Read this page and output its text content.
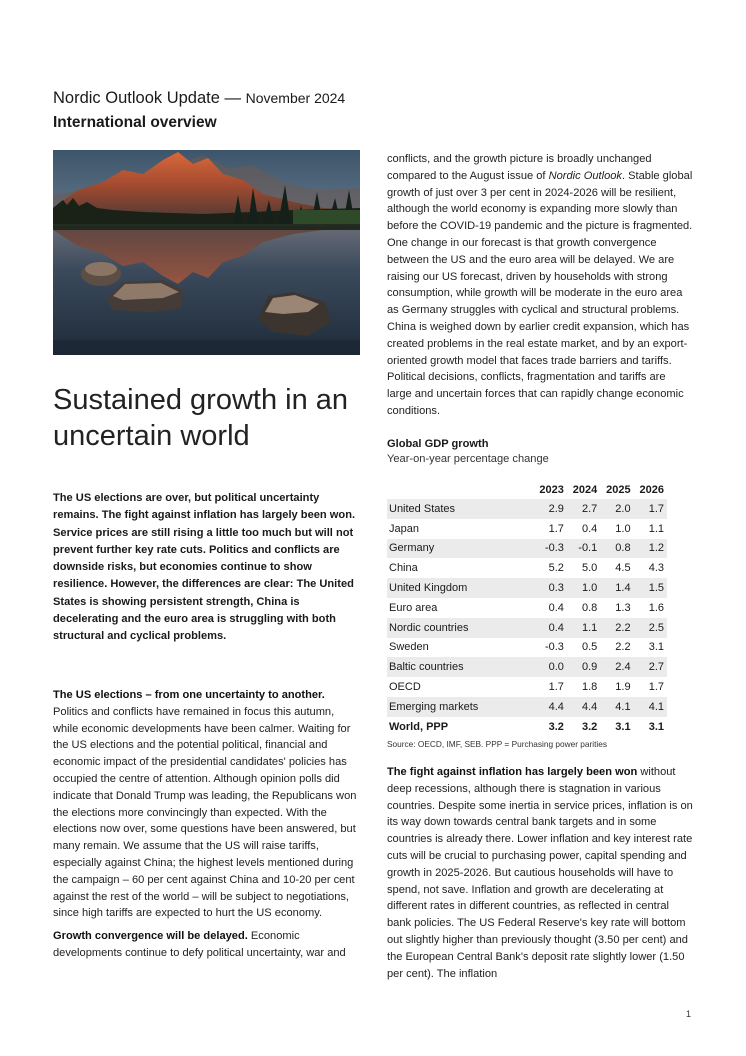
Nordic Outlook Update — November 2024
International overview
Sustained growth in an uncertain world

The US elections are over, but political uncertainty remains. The fight against inflation has largely been won. Service prices are still rising a little too much but will not prevent further key rate cuts. Politics and conflicts are downside risks, but economies continue to show resilience. However, the differences are clear: The United States is showing persistent strength, China is decelerating and the euro area is struggling with both structural and cyclical problems.

The US elections – from one uncertainty to another.
Politics and conflicts have remained in focus this autumn, while economic developments have been calmer. Waiting for the US elections and the potential political, financial and economic impact of the presidential candidates' policies has occupied the centre of attention. Although opinion polls did indicate that Donald Trump was leading, the Republicans won the elections more convincingly than expected. With the elections now over, some questions have been answered, but many remain. We assume that the US will raise tariffs, especially against China; the highest levels mentioned during the campaign – 60 per cent against China and 10-20 per cent against the rest of the world – will be subject to negotiations, since high tariffs are expected to hurt the US economy.

Growth convergence will be delayed. Economic developments continue to defy political uncertainty, war and

conflicts, and the growth picture is broadly unchanged compared to the August issue of Nordic Outlook. Stable global growth of just over 3 per cent in 2024-2026 will be resilient, although the world economy is expanding more slowly than before the COVID-19 pandemic and the picture is fragmented. One change in our forecast is that growth convergence between the US and the euro area will be delayed. We are raising our US forecast, driven by households with strong consumption, while growth will be moderate in the euro area as Germany struggles with cyclical and structural problems. China is weighed down by earlier credit expansion, which has created problems in the real estate market, and by an export-oriented growth model that faces trade barriers and tariffs. Political decisions, conflicts, fragmentation and tariffs are large and uncertain forces that can rapidly change economic conditions.

Global GDP growth
Year-on-year percentage change
	2023	2024	2025	2026
United States	2.9	2.7	2.0	1.7
Japan	1.7	0.4	1.0	1.1
Germany	-0.3	-0.1	0.8	1.2
China	5.2	5.0	4.5	4.3
United Kingdom	0.3	1.0	1.4	1.5
Euro area	0.4	0.8	1.3	1.6
Nordic countries	0.4	1.1	2.2	2.5
Sweden	-0.3	0.5	2.2	3.1
Baltic countries	0.0	0.9	2.4	2.7
OECD	1.7	1.8	1.9	1.7
Emerging markets	4.4	4.4	4.1	4.1
World, PPP	3.2	3.2	3.1	3.1
Source: OECD, IMF, SEB. PPP = Purchasing power parities

The fight against inflation has largely been won without deep recessions, although there is stagnation in various countries. Despite some inertia in service prices, inflation is on its way down towards central bank targets and in some countries is already there. Lower inflation and key interest rate cuts will be crucial to purchasing power, capital spending and growth in 2025-2026. But cautious households will have to spend, not save. Inflation and growth are decelerating at different rates in different countries, as reflected in central bank policies. The US Federal Reserve's key rate will bottom out slightly higher than previously thought (3.50 per cent) and the European Central Bank's deposit rate slightly lower (1.50 per cent). The inflation

1
